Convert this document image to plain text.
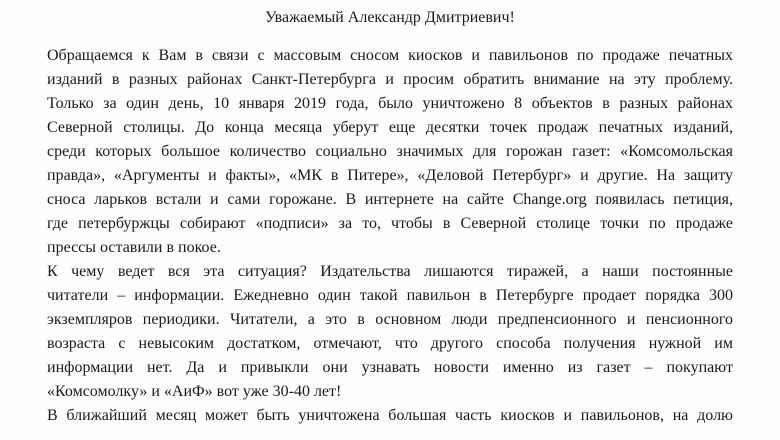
Уважаемый Александр Дмитриевич!
Обращаемся к Вам в связи с массовым сносом киосков и павильонов по продаже печатных
изданий в разных районах Санкт-Петербурга и просим обратить внимание на эту проблему.
Только за один день, 10 января 2019 года, было уничтожено 8 объектов в разных районах
Северной столицы. До конца месяца уберут еще десятки точек продаж печатных изданий,
среди которых большое количество социально значимых для горожан газет: «Комсомольская
правда», «Аргументы и факты», «МК в Питере», «Деловой Петербург» и другие. На защиту
сноса ларьков встали и сами горожане. В интернете на сайте Change.org появилась петиция,
где петербуржцы собирают «подписи» за то, чтобы в Северной столице точки по продаже
прессы оставили в покое.
К чему ведет вся эта ситуация? Издательства лишаются тиражей, а наши постоянные
читатели – информации. Ежедневно один такой павильон в Петербурге продает порядка 300
экземпляров периодики. Читатели, а это в основном люди предпенсионного и пенсионного
возраста с невысоким достатком, отмечают, что другого способа получения нужной им
информации нет. Да и привыкли они узнавать новости именно из газет – покупают
«Комсомолку» и «АиФ» вот уже 30-40 лет!
В ближайший месяц может быть уничтожена большая часть киосков и павильонов, на долю
